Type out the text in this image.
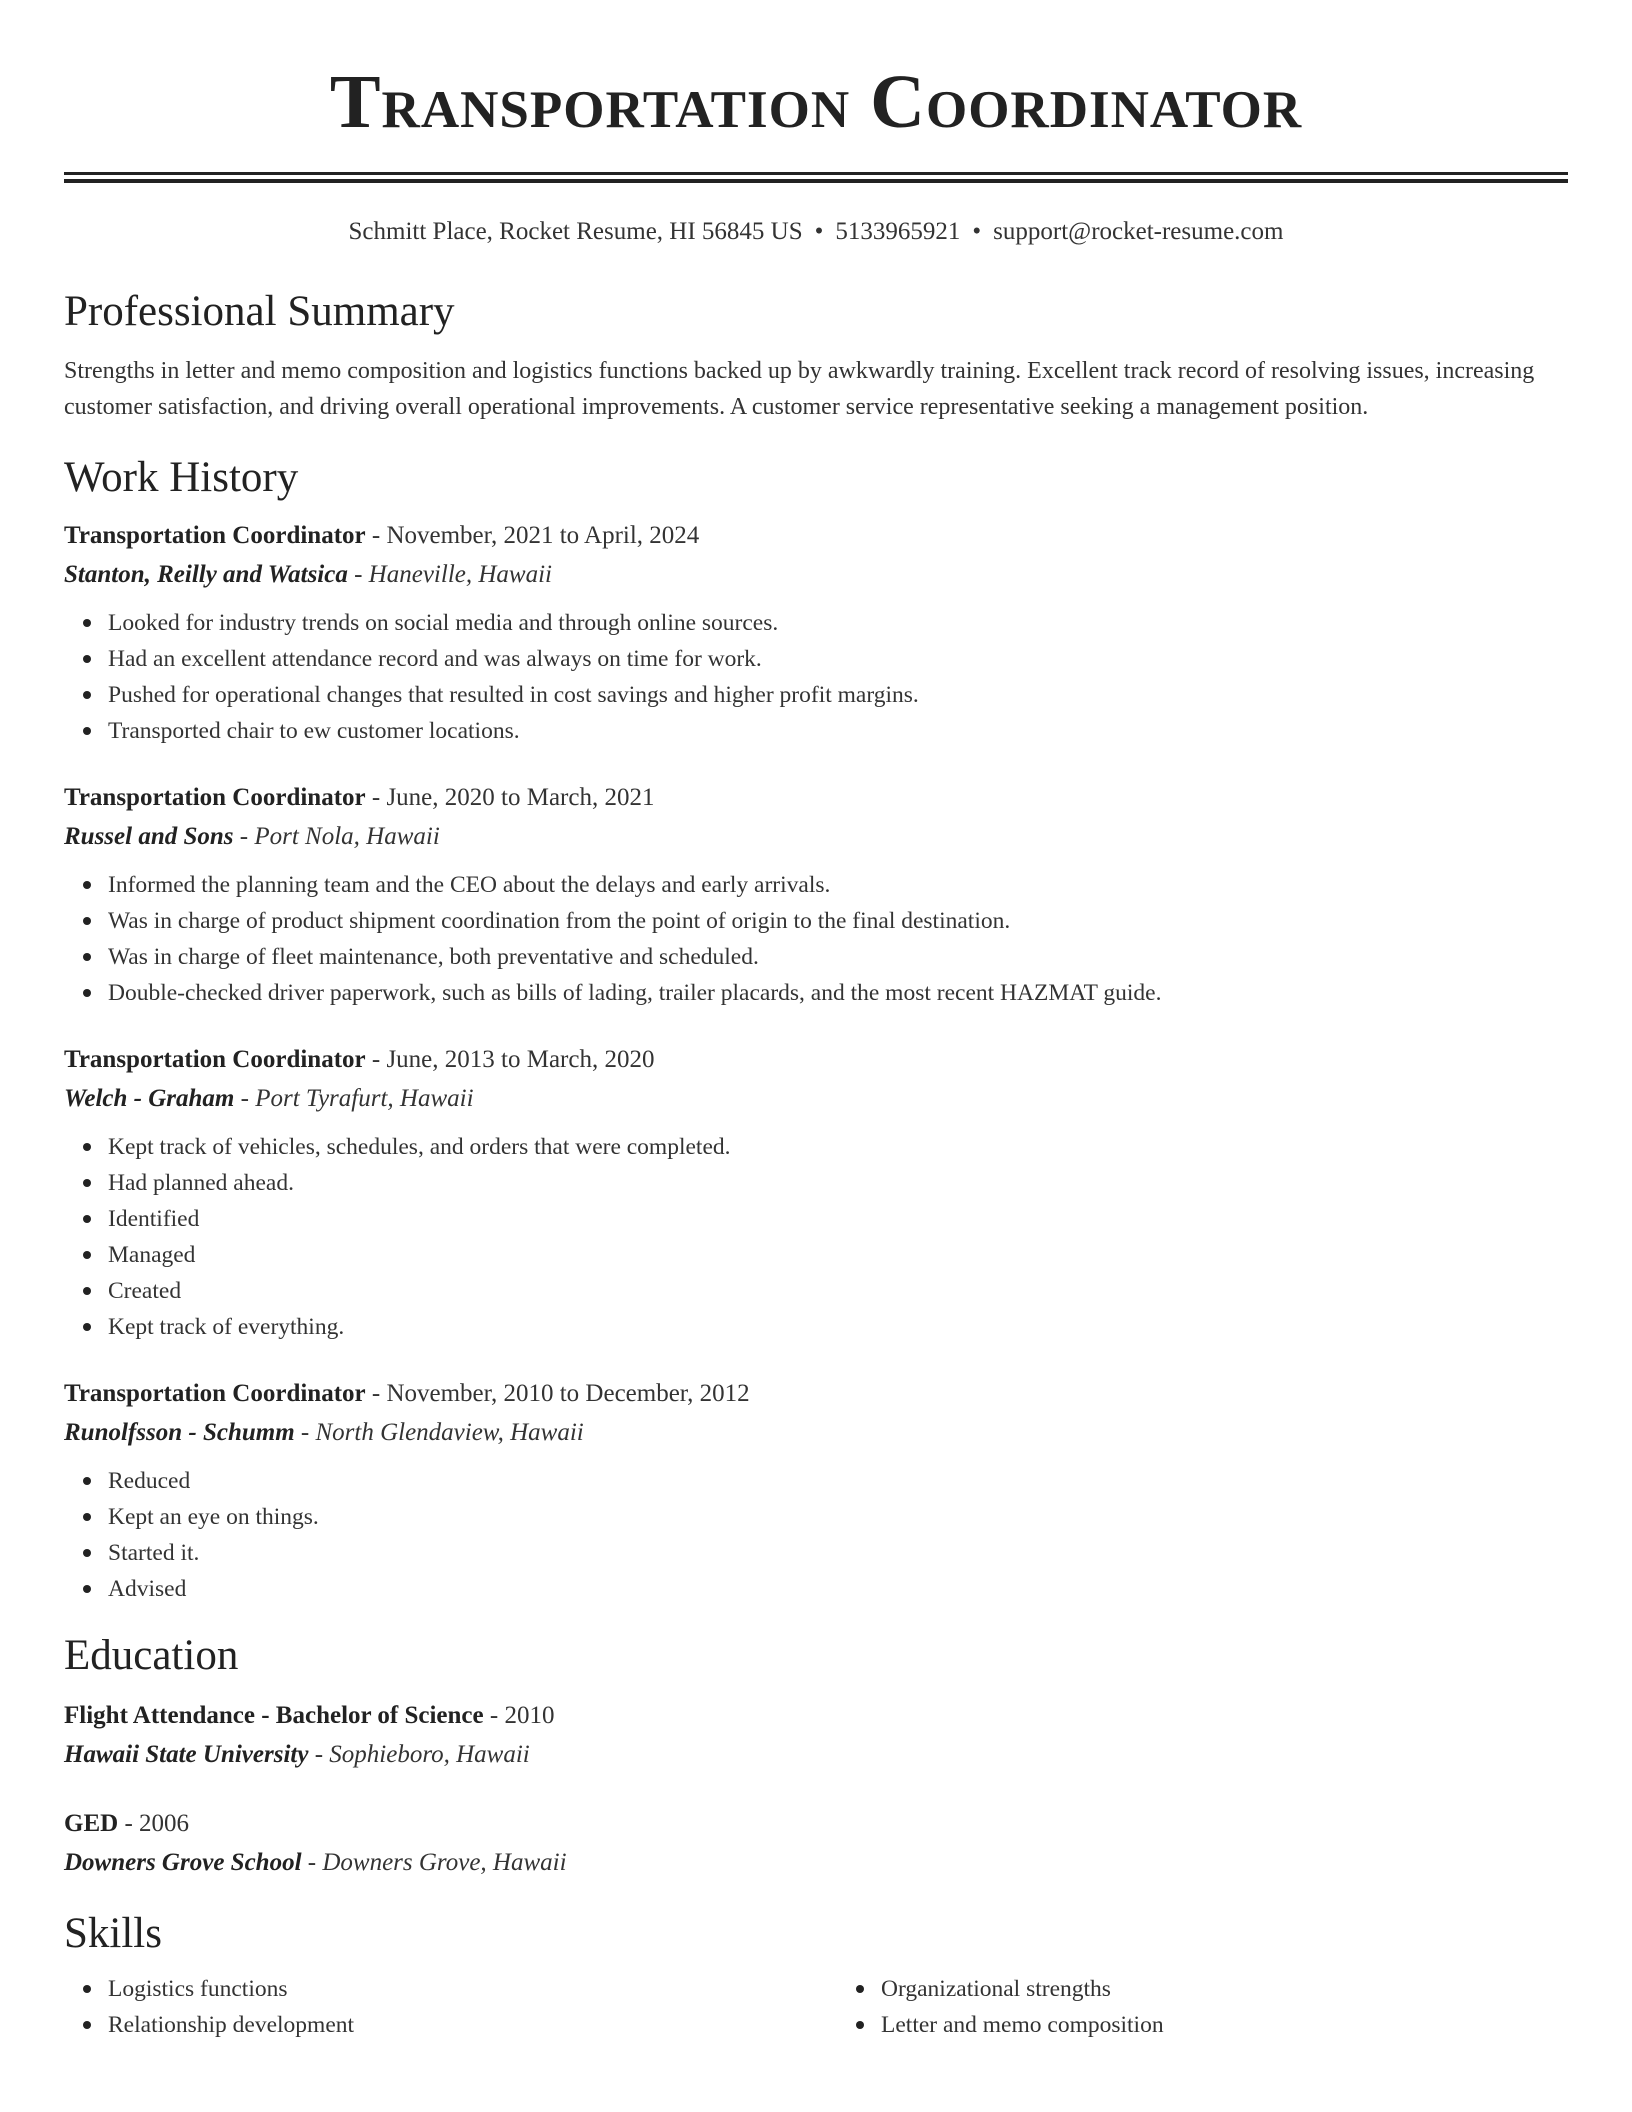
Transportation Coordinator
Schmitt Place, Rocket Resume, HI 56845 US • 5133965921 • support@rocket-resume.com
Professional Summary

Strengths in letter and memo composition and logistics functions backed up by awkwardly training. Excellent track record of resolving issues, increasing customer satisfaction, and driving overall operational improvements. A customer service representative seeking a management position.

Work History
Transportation Coordinator - November, 2021 to April, 2024
Stanton, Reilly and Watsica - Haneville, Hawaii
Looked for industry trends on social media and through online sources.
Had an excellent attendance record and was always on time for work.
Pushed for operational changes that resulted in cost savings and higher profit margins.
Transported chair to ew customer locations.
Transportation Coordinator - June, 2020 to March, 2021
Russel and Sons - Port Nola, Hawaii
Informed the planning team and the CEO about the delays and early arrivals.
Was in charge of product shipment coordination from the point of origin to the final destination.
Was in charge of fleet maintenance, both preventative and scheduled.
Double-checked driver paperwork, such as bills of lading, trailer placards, and the most recent HAZMAT guide.
Transportation Coordinator - June, 2013 to March, 2020
Welch - Graham - Port Tyrafurt, Hawaii
Kept track of vehicles, schedules, and orders that were completed.
Had planned ahead.
Identified
Managed
Created
Kept track of everything.
Transportation Coordinator - November, 2010 to December, 2012
Runolfsson - Schumm - North Glendaview, Hawaii
Reduced
Kept an eye on things.
Started it.
Advised
Education
Flight Attendance - Bachelor of Science - 2010
Hawaii State University - Sophieboro, Hawaii
GED - 2006
Downers Grove School - Downers Grove, Hawaii
Skills
Logistics functions
Relationship development
Organizational strengths
Letter and memo composition
